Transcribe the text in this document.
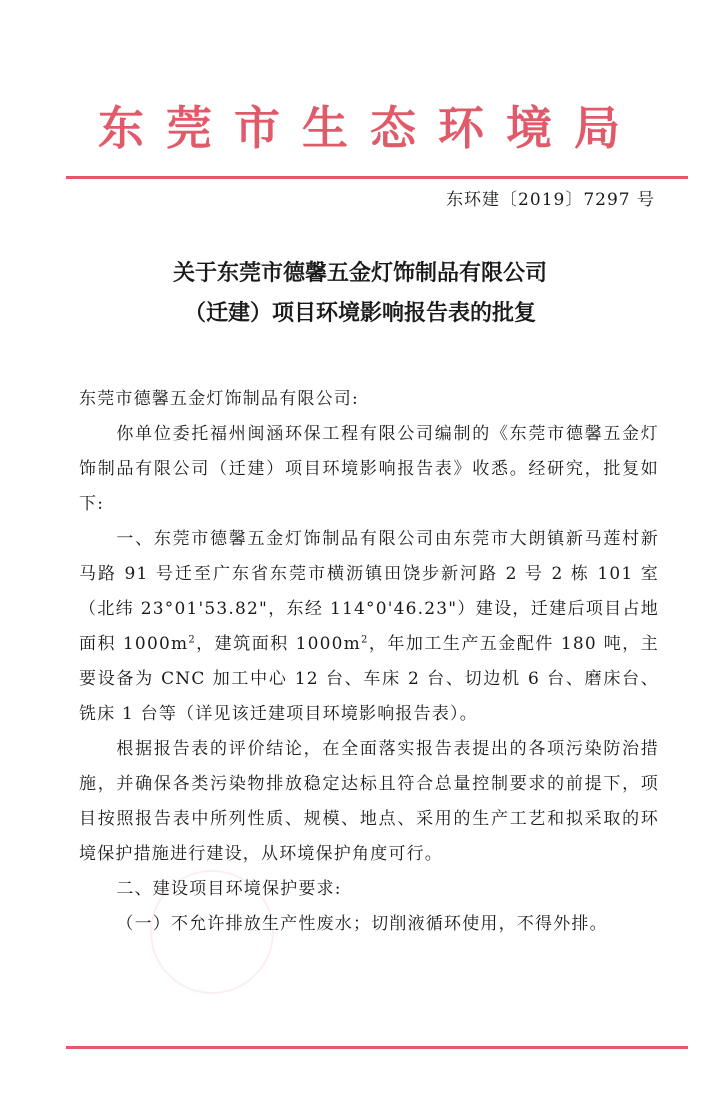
东莞市生态环境局
东环建〔2019〕7297 号
关于东莞市德馨五金灯饰制品有限公司
（迁建）项目环境影响报告表的批复

东莞市德馨五金灯饰制品有限公司:

你单位委托福州闽涵环保工程有限公司编制的《东莞市德馨五金灯饰制品有限公司（迁建）项目环境影响报告表》收悉。经研究，批复如下:

一、东莞市德馨五金灯饰制品有限公司由东莞市大朗镇新马莲村新马路 91 号迁至广东省东莞市横沥镇田饶步新河路 2 号 2 栋 101 室（北纬 23°01'53.82"，东经 114°0'46.23"）建设，迁建后项目占地面积 $1000m^2$，建筑面积 $1000m^2$，年加工生产五金配件 180 吨，主要设备为 CNC 加工中心 12 台、车床 2 台、切边机 6 台、磨床台、铣床 1 台等（详见该迁建项目环境影响报告表）。

根据报告表的评价结论，在全面落实报告表提出的各项污染防治措施，并确保各类污染物排放稳定达标且符合总量控制要求的前提下，项目按照报告表中所列性质、规模、地点、采用的生产工艺和拟采取的环境保护措施进行建设，从环境保护角度可行。

二、建设项目环境保护要求:

（一）不允许排放生产性废水；切削液循环使用，不得外排。
